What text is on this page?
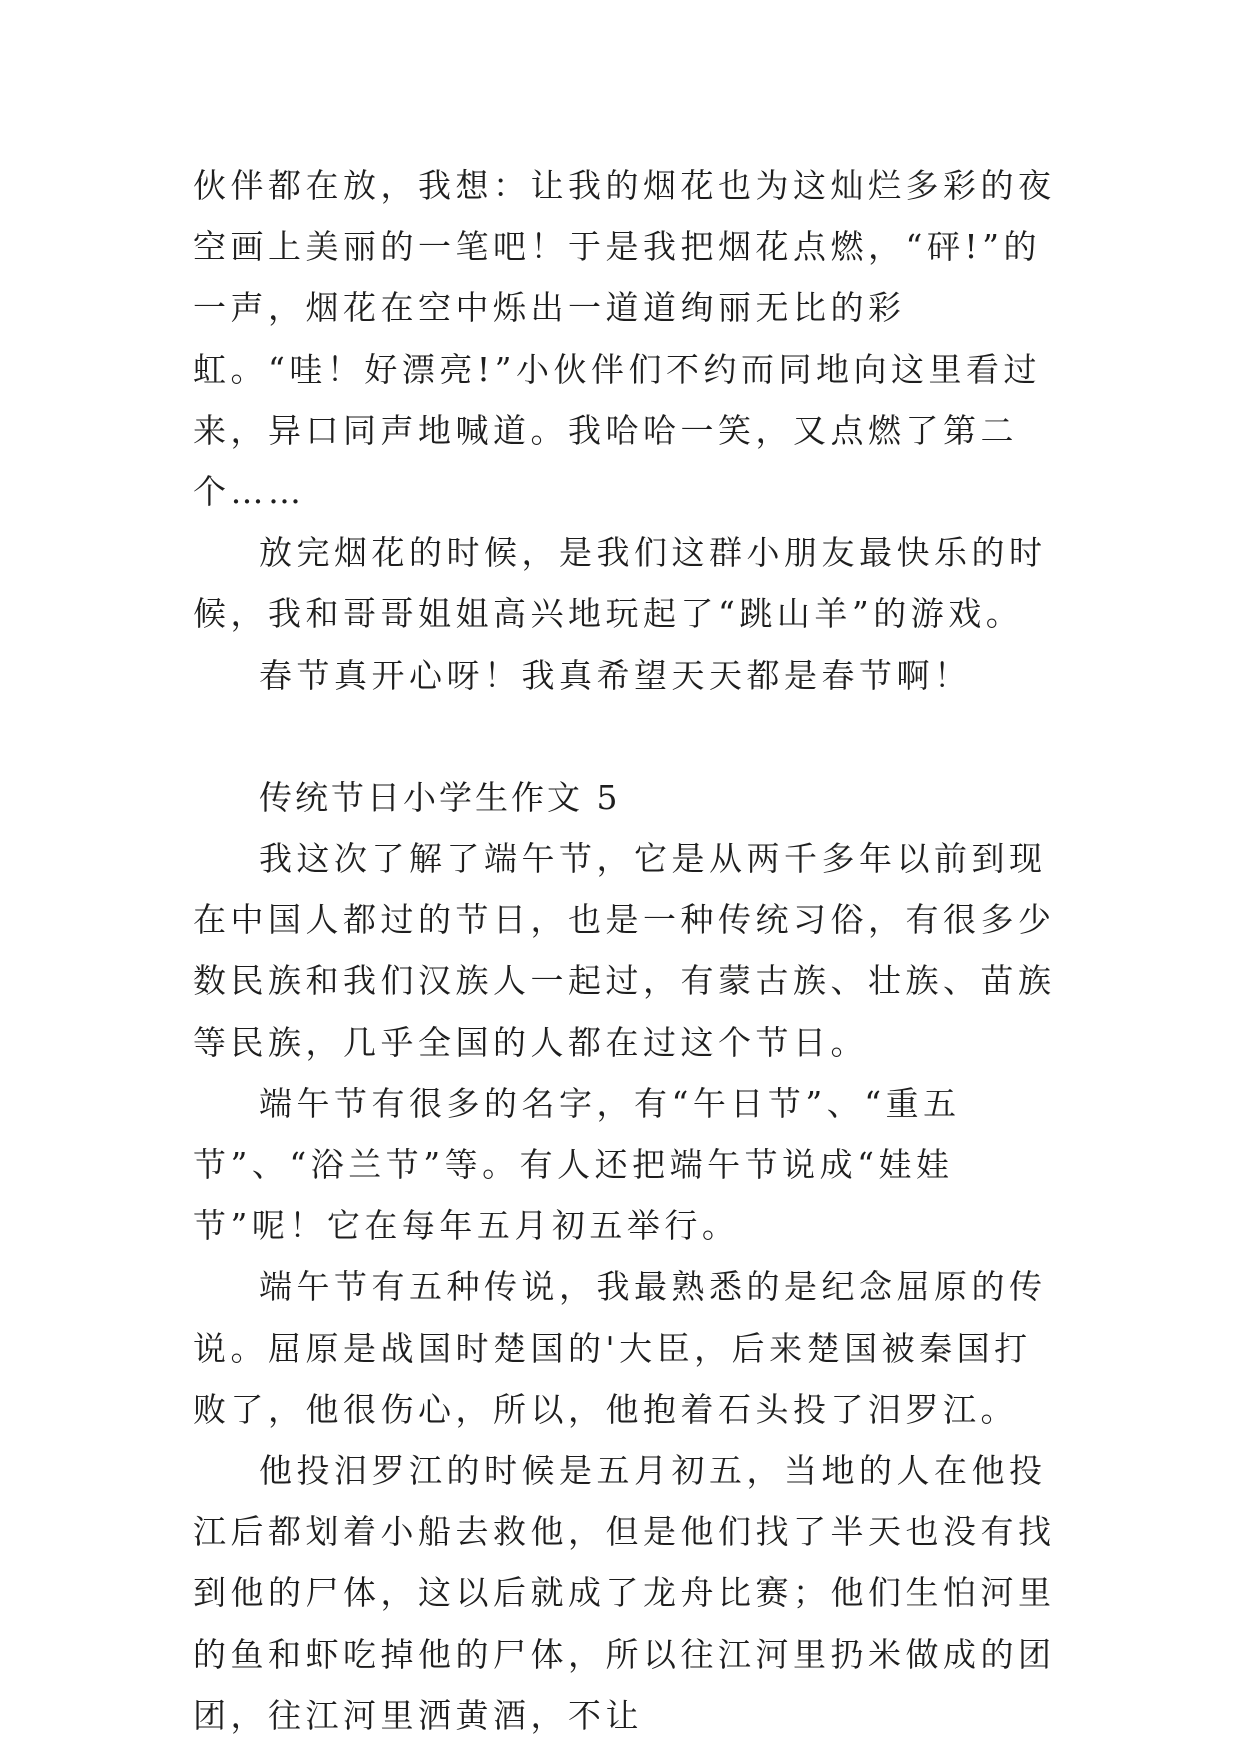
伙伴都在放，我想：让我的烟花也为这灿烂多彩的夜空画上美丽的一笔吧！于是我把烟花点燃，“砰!”的一声，烟花在空中烁出一道道绚丽无比的彩虹。“哇！好漂亮!”小伙伴们不约而同地向这里看过来，异口同声地喊道。我哈哈一笑，又点燃了第二个……

放完烟花的时候，是我们这群小朋友最快乐的时候，我和哥哥姐姐高兴地玩起了“跳山羊”的游戏。

春节真开心呀！我真希望天天都是春节啊！

传统节日小学生作文 5

我这次了解了端午节，它是从两千多年以前到现在中国人都过的节日，也是一种传统习俗，有很多少数民族和我们汉族人一起过，有蒙古族、壮族、苗族等民族，几乎全国的人都在过这个节日。

端午节有很多的名字，有“午日节”、“重五节”、“浴兰节”等。有人还把端午节说成“娃娃节”呢！它在每年五月初五举行。

端午节有五种传说，我最熟悉的是纪念屈原的传说。屈原是战国时楚国的'大臣，后来楚国被秦国打败了，他很伤心，所以，他抱着石头投了汨罗江。

他投汨罗江的时候是五月初五，当地的人在他投江后都划着小船去救他，但是他们找了半天也没有找到他的尸体，这以后就成了龙舟比赛；他们生怕河里的鱼和虾吃掉他的尸体，所以往江河里扔米做成的团团，往江河里洒黄酒，不让
